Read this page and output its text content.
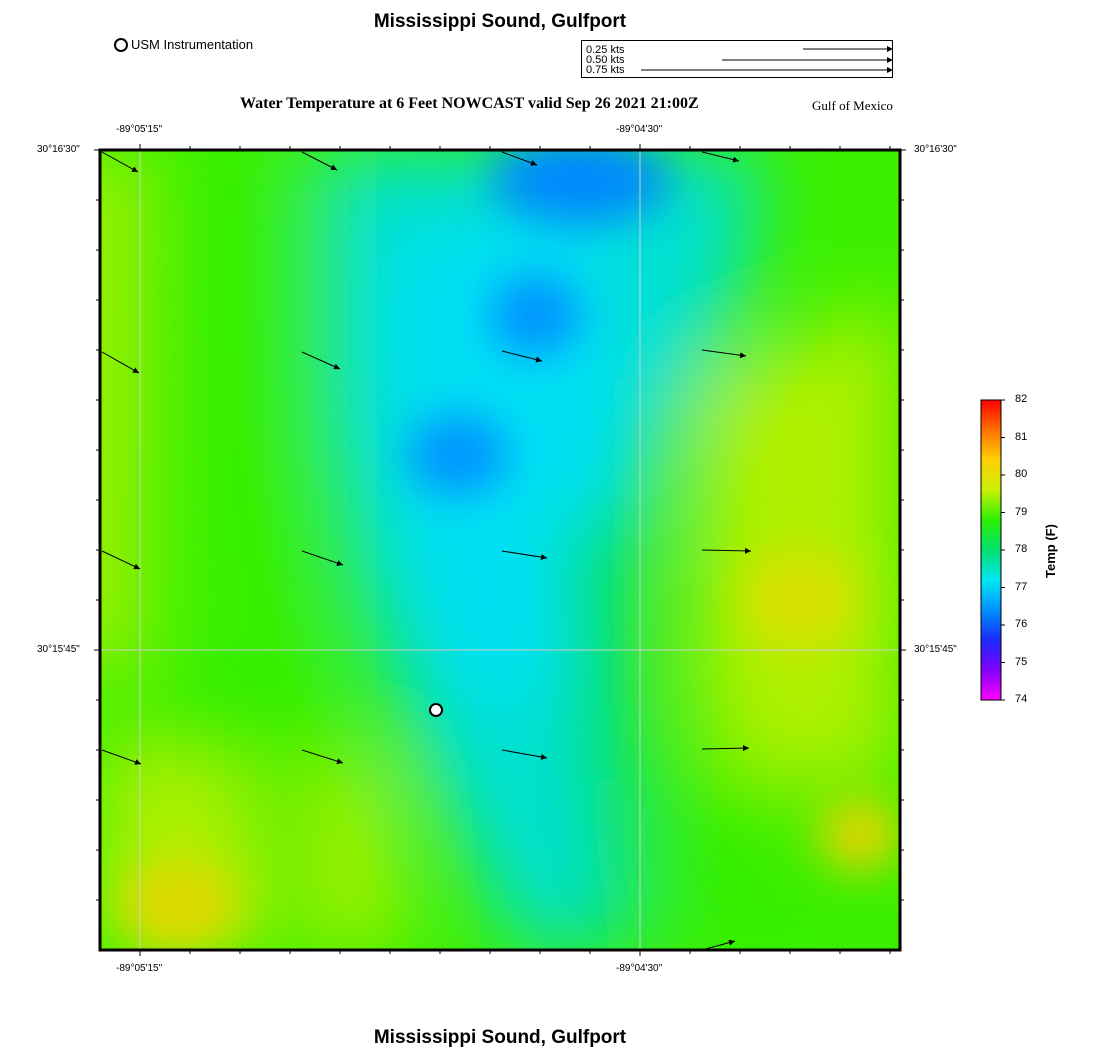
Mississippi Sound, Gulfport
Water Temperature at 6 Feet NOWCAST valid Sep 26 2021 21:00Z	Gulf of Mexico
Mississippi Sound, Gulfport
USM Instrumentation	0.25 kts
0.50 kts
0.75 kts
-89°05'15"	-89°04'30"
-89°05'15"	-89°04'30"
30°16'30"
30°15'45"
30°16'30"
30°15'45"
82
81
80
79
78
77
76
75
74
Temp (F)
